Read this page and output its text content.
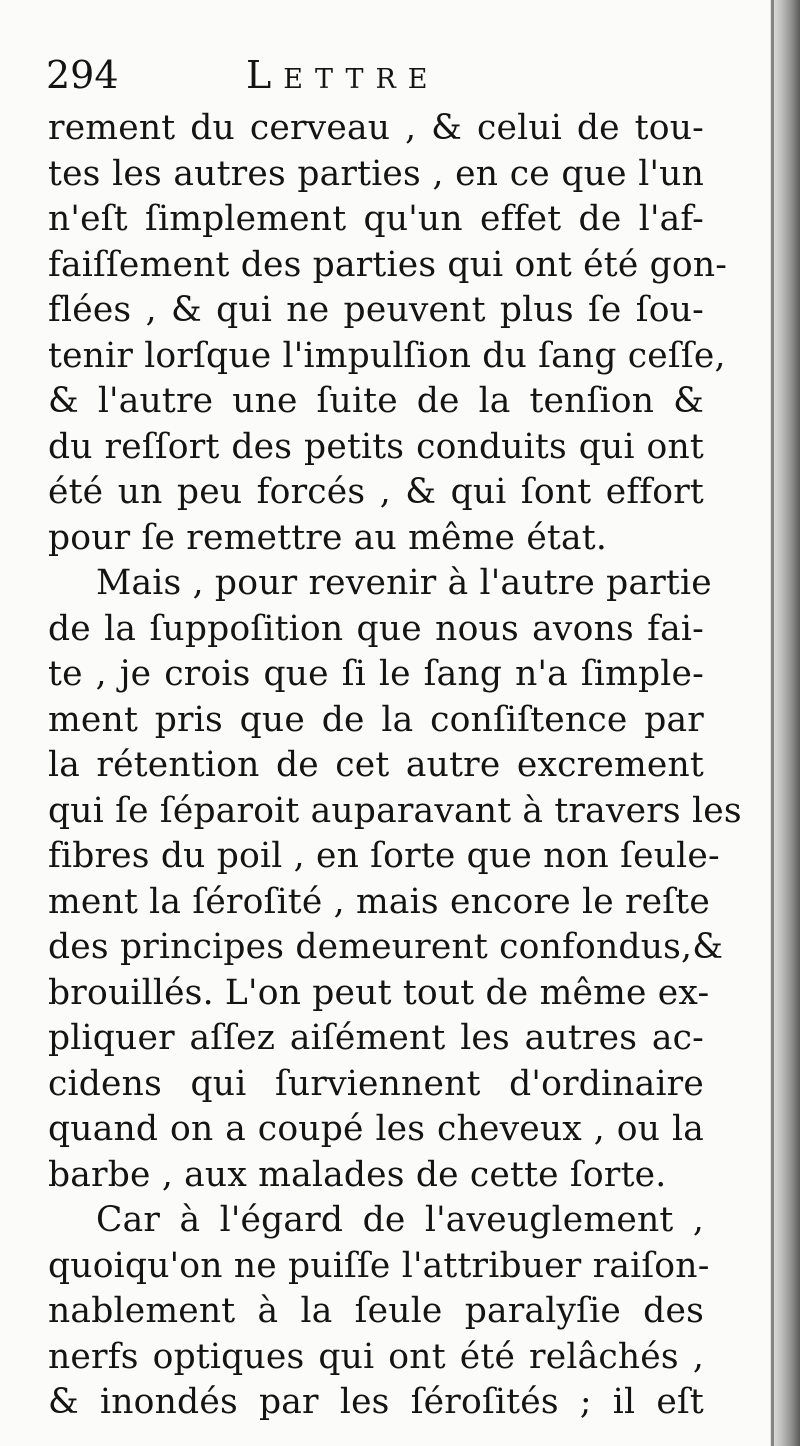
294	Lettre
rement du cerveau , & celui de tou-
tes les autres parties , en ce que l'un
n'eſt ſimplement qu'un effet de l'af-
faiſſement des parties qui ont été gon-
flées , & qui ne peuvent plus ſe ſou-
tenir lorſque l'impulſion du ſang ceſſe,
& l'autre une ſuite de la tenſion &
du reſſort des petits conduits qui ont
été un peu forcés , & qui ſont effort
pour ſe remettre au même état.
Mais , pour revenir à l'autre partie
de la ſuppoſition que nous avons fai-
te , je crois que ſi le ſang n'a ſimple-
ment pris que de la conſiſtence par
la rétention de cet autre excrement
qui ſe ſéparoit auparavant à travers les
fibres du poil , en ſorte que non ſeule-
ment la ſéroſité , mais encore le reſte
des principes demeurent confondus,&
brouillés. L'on peut tout de même ex-
pliquer aſſez aiſément les autres ac-
cidens qui ſurviennent d'ordinaire
quand on a coupé les cheveux , ou la
barbe , aux malades de cette ſorte.
Car à l'égard de l'aveuglement ,
quoiqu'on ne puiſſe l'attribuer raiſon-
nablement à la ſeule paralyſie des
nerfs optiques qui ont été relâchés ,
& inondés par les ſéroſités ; il eſt
